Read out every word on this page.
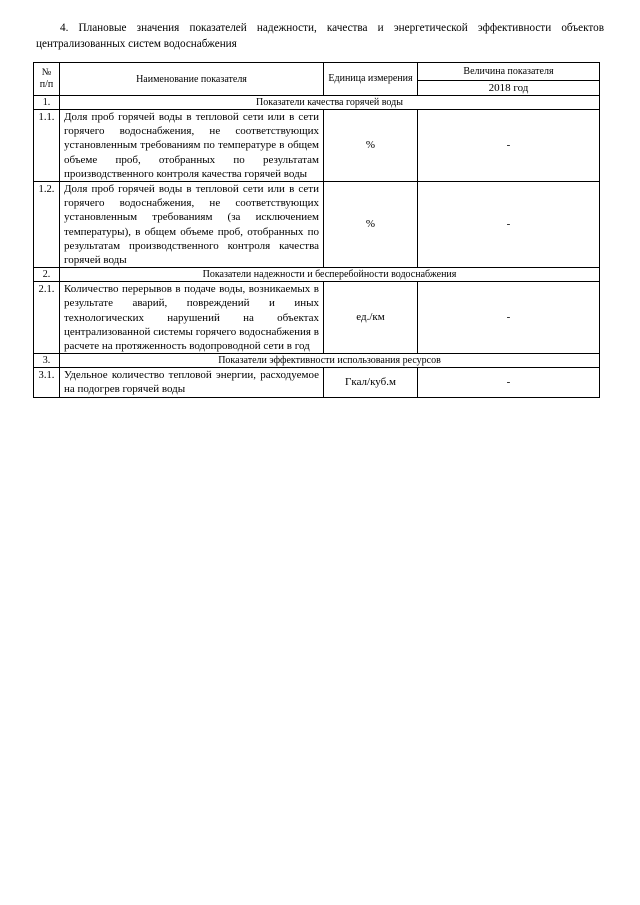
4. Плановые значения показателей надежности, качества и энергетической эффективности объектов централизованных систем водоснабжения
№ п/п	Наименование показателя	Единица измерения	Величина показателя
			2018 год
1.	Показатели качества горячей воды		
1.1.	Доля проб горячей воды в тепловой сети или в сети горячего водоснабжения, не соответствующих установленным требованиям по температуре в общем объеме проб, отобранных по результатам производственного контроля качества горячей воды	%	-
1.2.	Доля проб горячей воды в тепловой сети или в сети горячего водоснабжения, не соответствующих установленным требованиям (за исключением температуры), в общем объеме проб, отобранных по результатам производственного контроля качества горячей воды	%	-
2.	Показатели надежности и бесперебойности водоснабжения		
2.1.	Количество перерывов в подаче воды, возникаемых в результате аварий, повреждений и иных технологических нарушений на объектах централизованной системы горячего водоснабжения в расчете на протяженность водопроводной сети в год	ед./км	-
3.	Показатели эффективности использования ресурсов		
3.1.	Удельное количество тепловой энергии, расходуемое на подогрев горячей воды	Гкал/куб.м	-
